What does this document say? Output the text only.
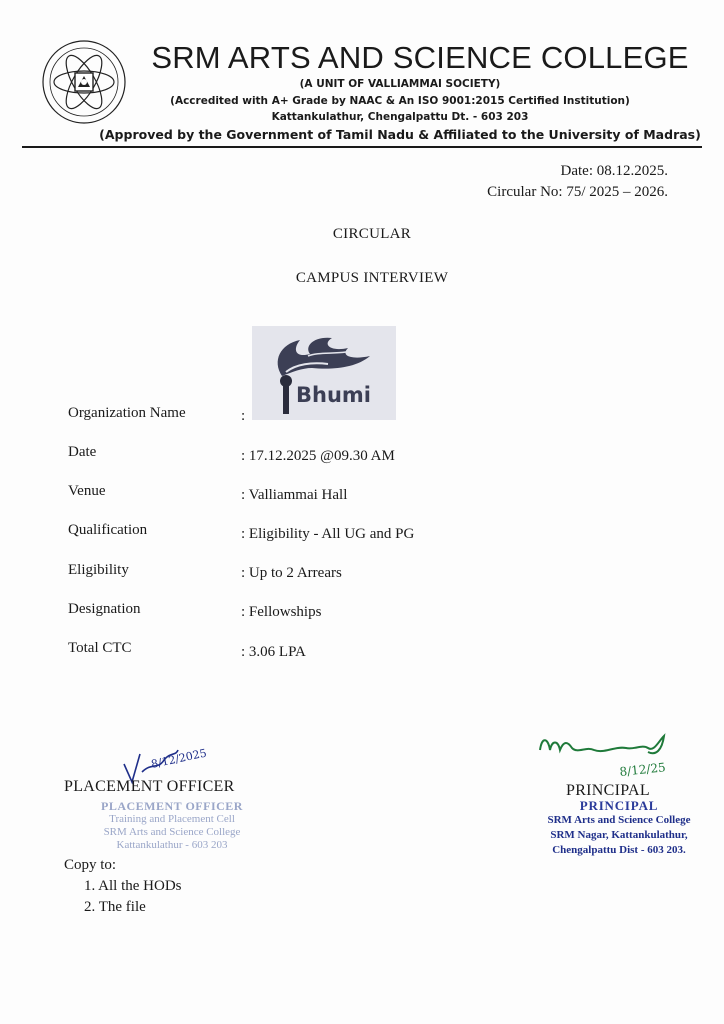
SRM ARTS AND SCIENCE COLLEGE
(A UNIT OF VALLIAMMAI SOCIETY)
(Accredited with A+ Grade by NAAC & An ISO 9001:2015 Certified Institution)
Kattankulathur, Chengalpattu Dt. - 603 203
(Approved by the Government of Tamil Nadu & Affiliated to the University of Madras)
Date: 08.12.2025.
Circular No: 75/ 2025 – 2026.
CIRCULAR
CAMPUS INTERVIEW
Bhumi
Organization Name	:
Date	: 17.12.2025 @09.30 AM
Venue	: Valliammai Hall
Qualification	: Eligibility - All UG and PG
Eligibility	: Up to 2 Arrears
Designation	: Fellowships
Total CTC	: 3.06 LPA
8/12/2025
PLACEMENT OFFICER
PLACEMENT OFFICER
Training and Placement Cell
SRM Arts and Science College
Kattankulathur - 603 203
8/12/25
PRINCIPAL
PRINCIPAL
SRM Arts and Science College
SRM Nagar, Kattankulathur,
Chengalpattu Dist - 603 203.
Copy to:
1. All the HODs
2. The file
